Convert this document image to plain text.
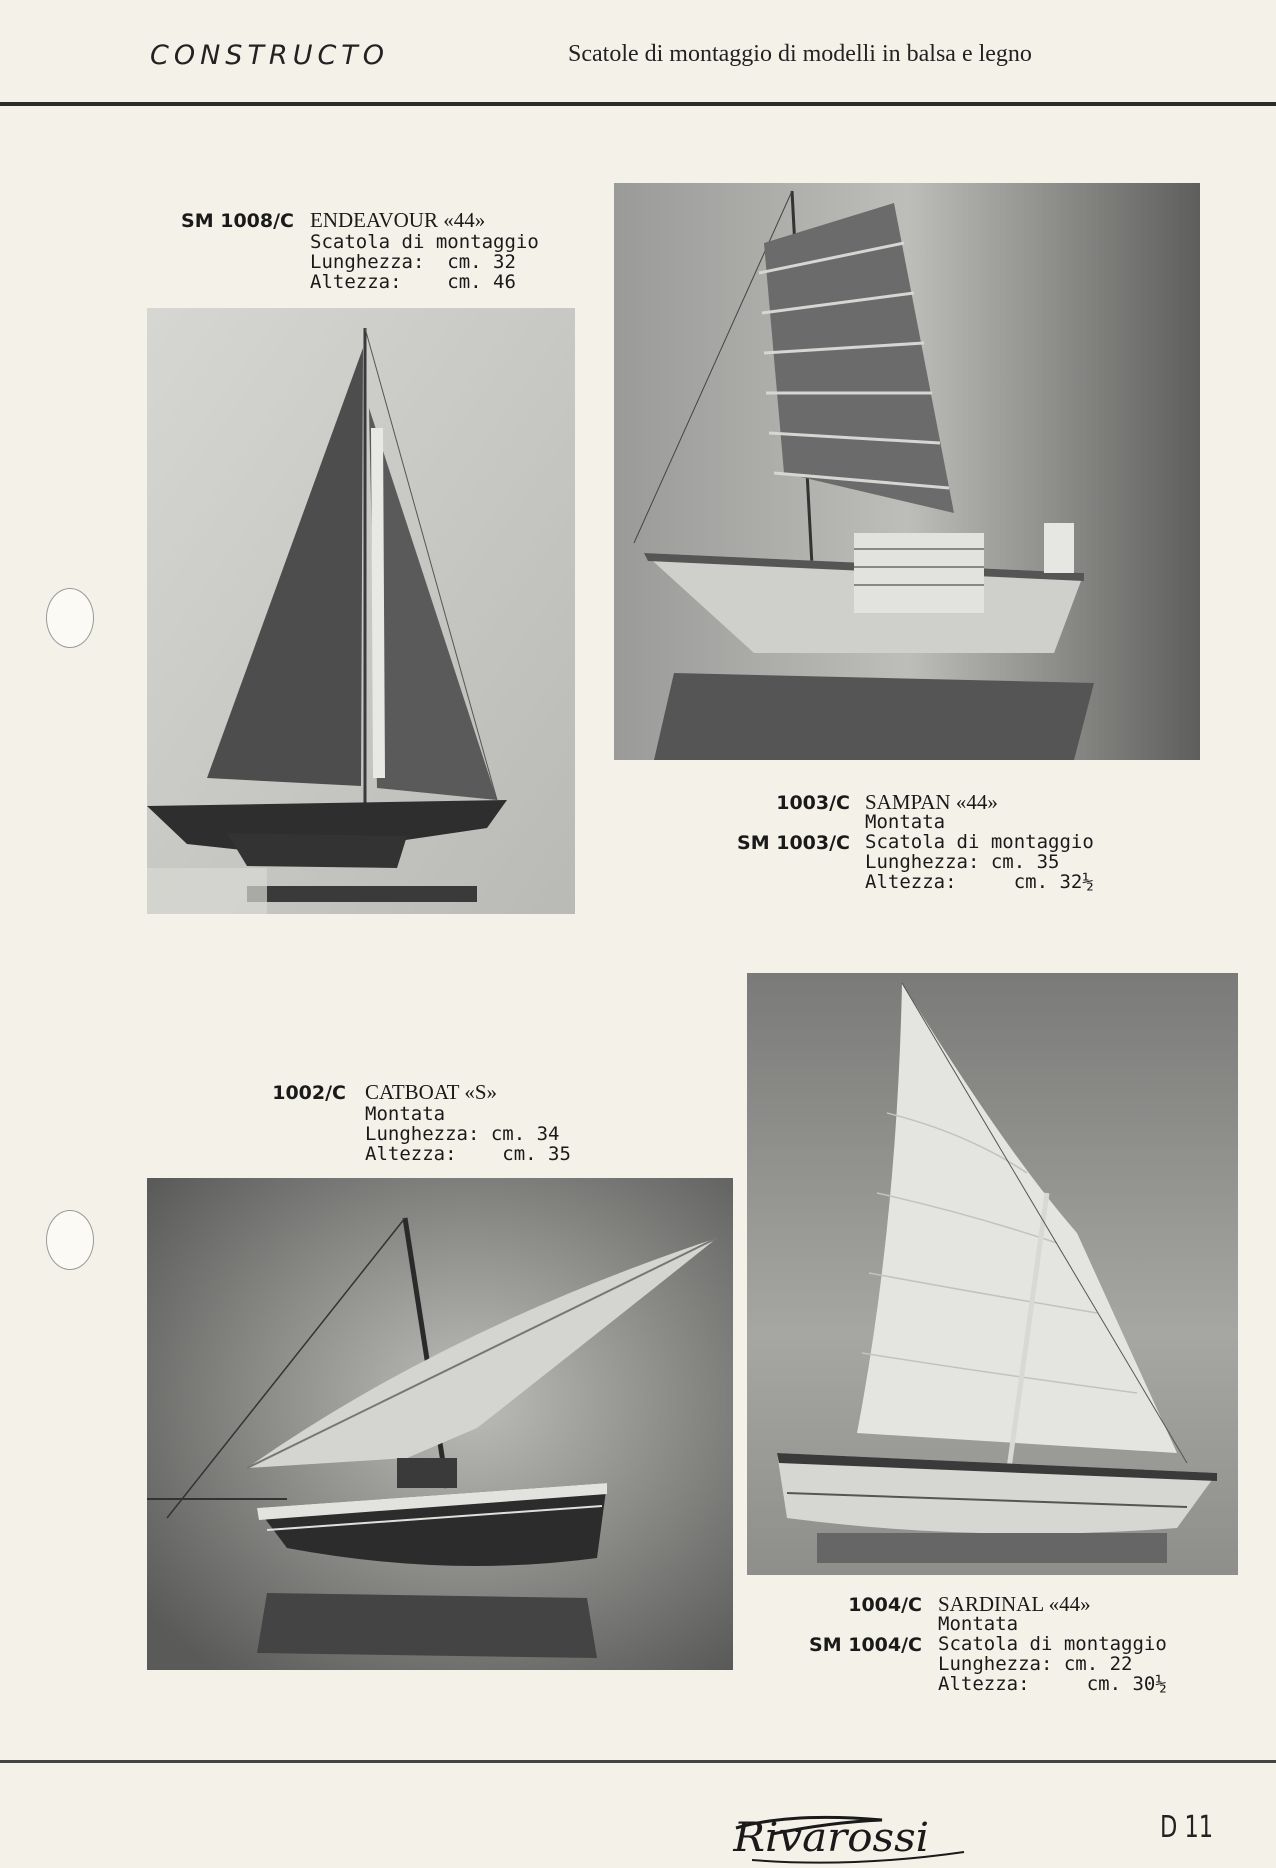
CONSTRUCTO	Scatole di montaggio di modelli in balsa e legno
SM 1008/C ENDEAVOUR «44»
Scatola di montaggio
Lunghezza:  cm. 32
Altezza:    cm. 46
1003/C
SM 1003/C
SAMPAN «44»
Montata
Scatola di montaggio
Lunghezza: cm. 35
Altezza:     cm. 32½
1002/C CATBOAT «S»
Montata
Lunghezza: cm. 34
Altezza:    cm. 35
1004/C
SM 1004/C
SARDINAL «44»
Montata
Scatola di montaggio
Lunghezza: cm. 22
Altezza:     cm. 30½
Rivarossi	D 11
